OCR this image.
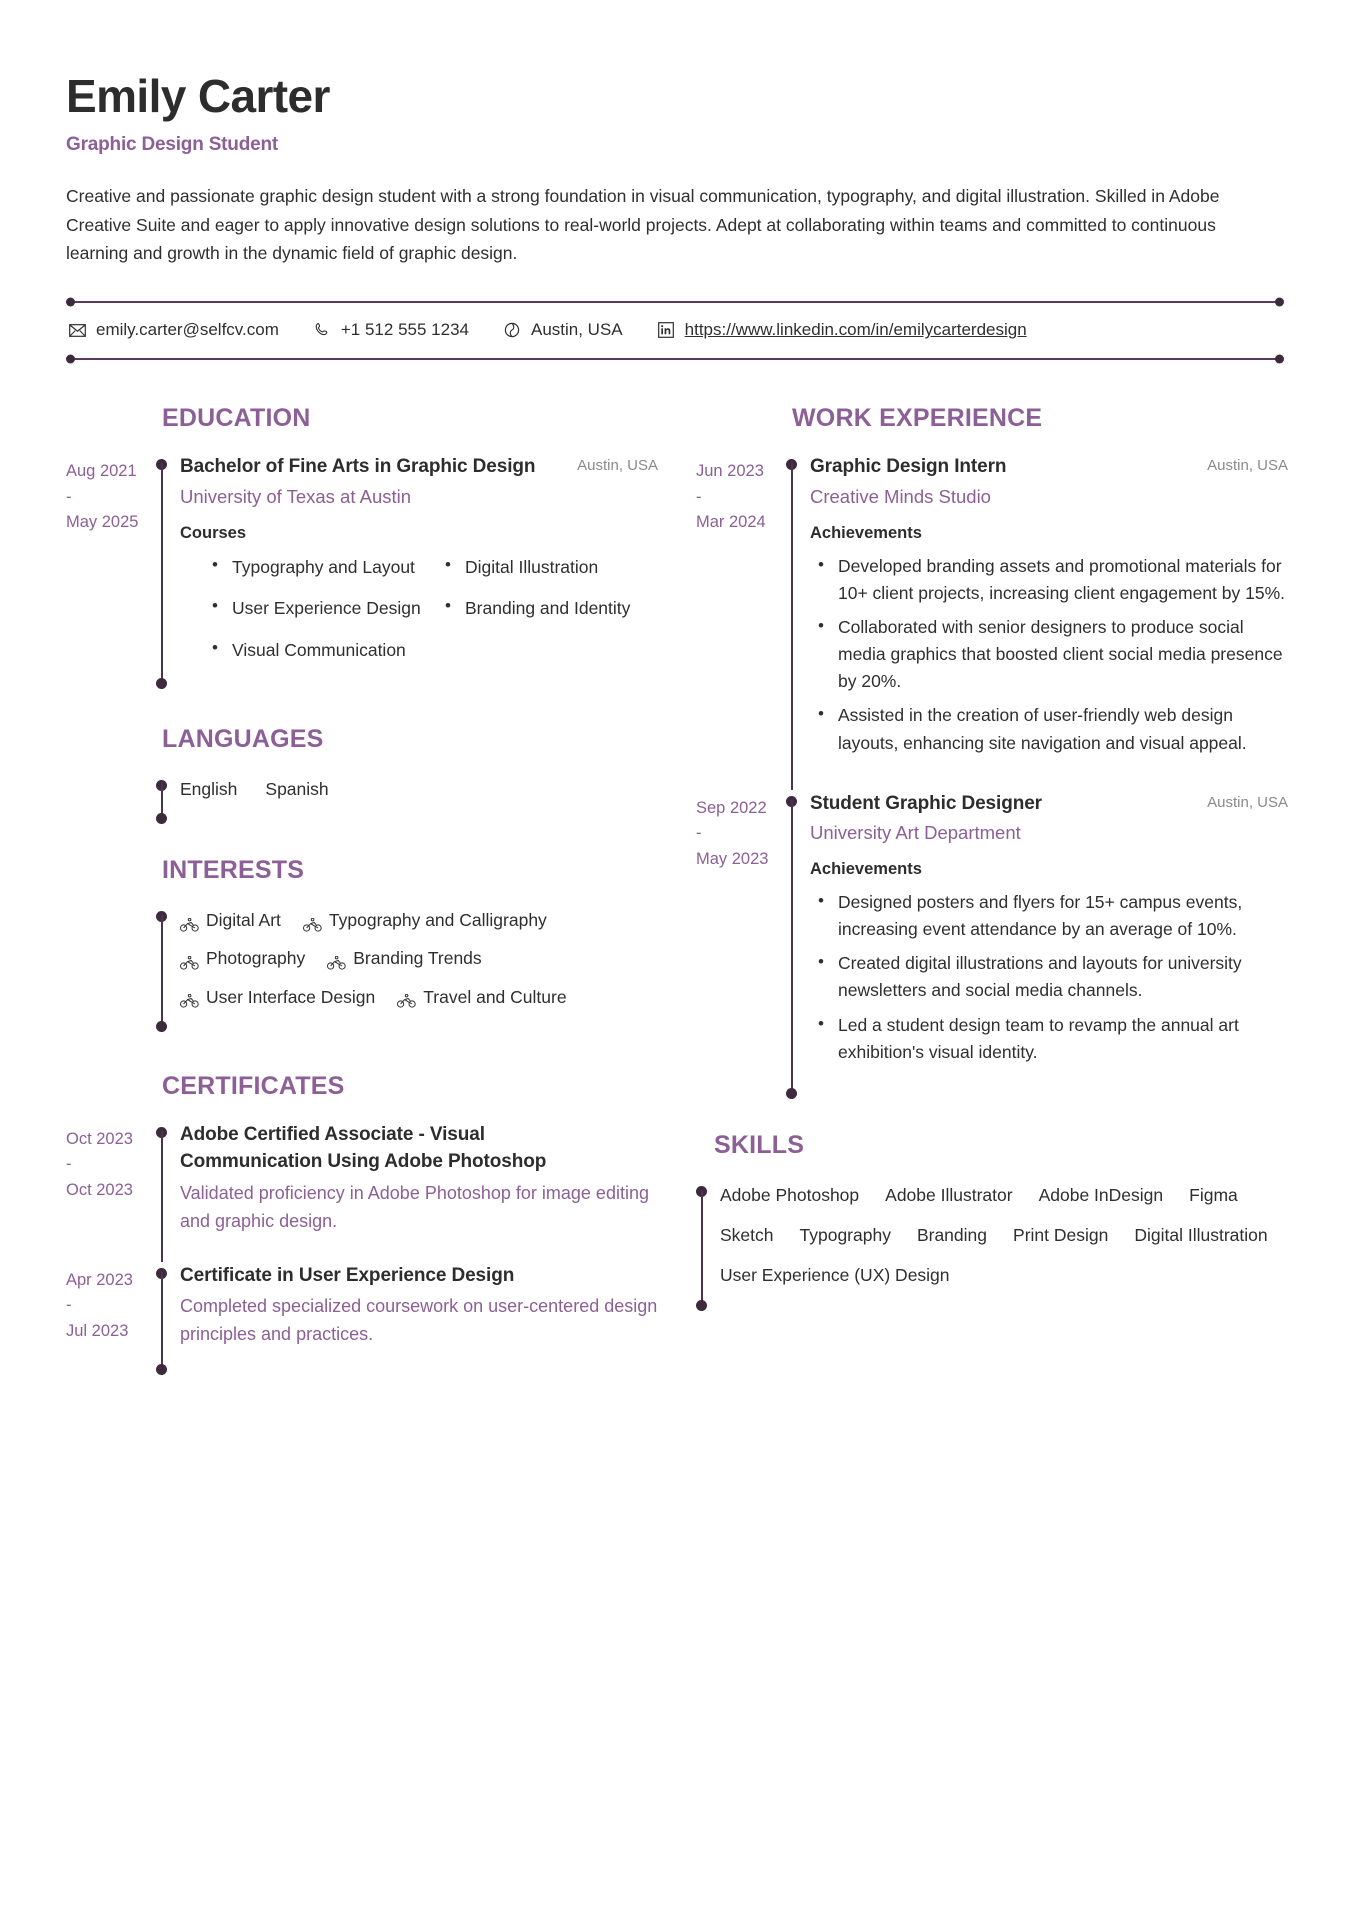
Emily Carter
Graphic Design Student
Creative and passionate graphic design student with a strong foundation in visual communication, typography, and digital illustration. Skilled in Adobe Creative Suite and eager to apply innovative design solutions to real-world projects. Adept at collaborating within teams and committed to continuous learning and growth in the dynamic field of graphic design.
emily.carter@selfcv.com	+1 512 555 1234	Austin, USA	https://www.linkedin.com/in/emilycarterdesign
EDUCATION
Aug 2021
-
May 2025
Bachelor of Fine Arts in Graphic Design	Austin, USA
University of Texas at Austin
Courses
• Typography and Layout	• Digital Illustration
• User Experience Design	• Branding and Identity
• Visual Communication
LANGUAGES
English Spanish
INTERESTS
Digital Art	Typography and Calligraphy
Photography	Branding Trends
User Interface Design	Travel and Culture
CERTIFICATES
Oct 2023
-
Oct 2023
Adobe Certified Associate - Visual Communication Using Adobe Photoshop
Validated proficiency in Adobe Photoshop for image editing and graphic design.
Apr 2023
-
Jul 2023
Certificate in User Experience Design
Completed specialized coursework on user-centered design principles and practices.
WORK EXPERIENCE
Jun 2023
-
Mar 2024
Graphic Design Intern	Austin, USA
Creative Minds Studio
Achievements
• Developed branding assets and promotional materials for 10+ client projects, increasing client engagement by 15%.
• Collaborated with senior designers to produce social media graphics that boosted client social media presence by 20%.
• Assisted in the creation of user-friendly web design layouts, enhancing site navigation and visual appeal.
Sep 2022
-
May 2023
Student Graphic Designer	Austin, USA
University Art Department
Achievements
• Designed posters and flyers for 15+ campus events, increasing event attendance by an average of 10%.
• Created digital illustrations and layouts for university newsletters and social media channels.
• Led a student design team to revamp the annual art exhibition's visual identity.
SKILLS
Adobe Photoshop Adobe Illustrator Adobe InDesign Figma
Sketch Typography Branding Print Design Digital Illustration
User Experience (UX) Design
